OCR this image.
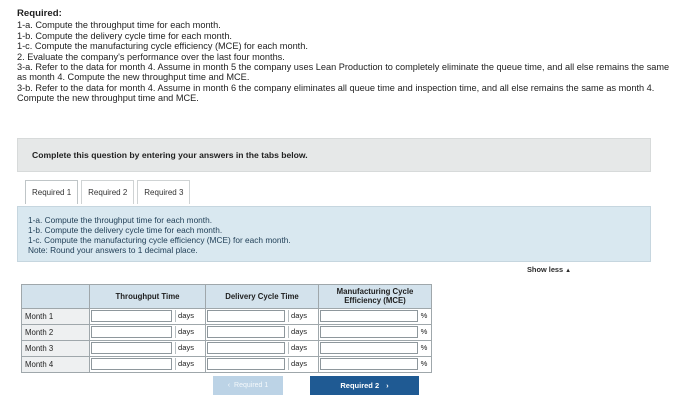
Required:
1-a. Compute the throughput time for each month.
1-b. Compute the delivery cycle time for each month.
1-c. Compute the manufacturing cycle efficiency (MCE) for each month.
2. Evaluate the company's performance over the last four months.
3-a. Refer to the data for month 4. Assume in month 5 the company uses Lean Production to completely eliminate the queue time, and all else remains the same as month 4. Compute the new throughput time and MCE.
3-b. Refer to the data for month 4. Assume in month 6 the company eliminates all queue time and inspection time, and all else remains the same as month 4. Compute the new throughput time and MCE.
Complete this question by entering your answers in the tabs below.
Required 1	Required 2	Required 3
1-a. Compute the throughput time for each month.
1-b. Compute the delivery cycle time for each month.
1-c. Compute the manufacturing cycle efficiency (MCE) for each month.
Note: Round your answers to 1 decimal place.
Show less ▲
	Throughput Time	Delivery Cycle Time	Manufacturing Cycle Efficiency (MCE)
Month 1	days	days	%

Month 2	days	days	%

Month 3	days	days	%

Month 4	days	days	%
‹ Required 1	Required 2 ›
